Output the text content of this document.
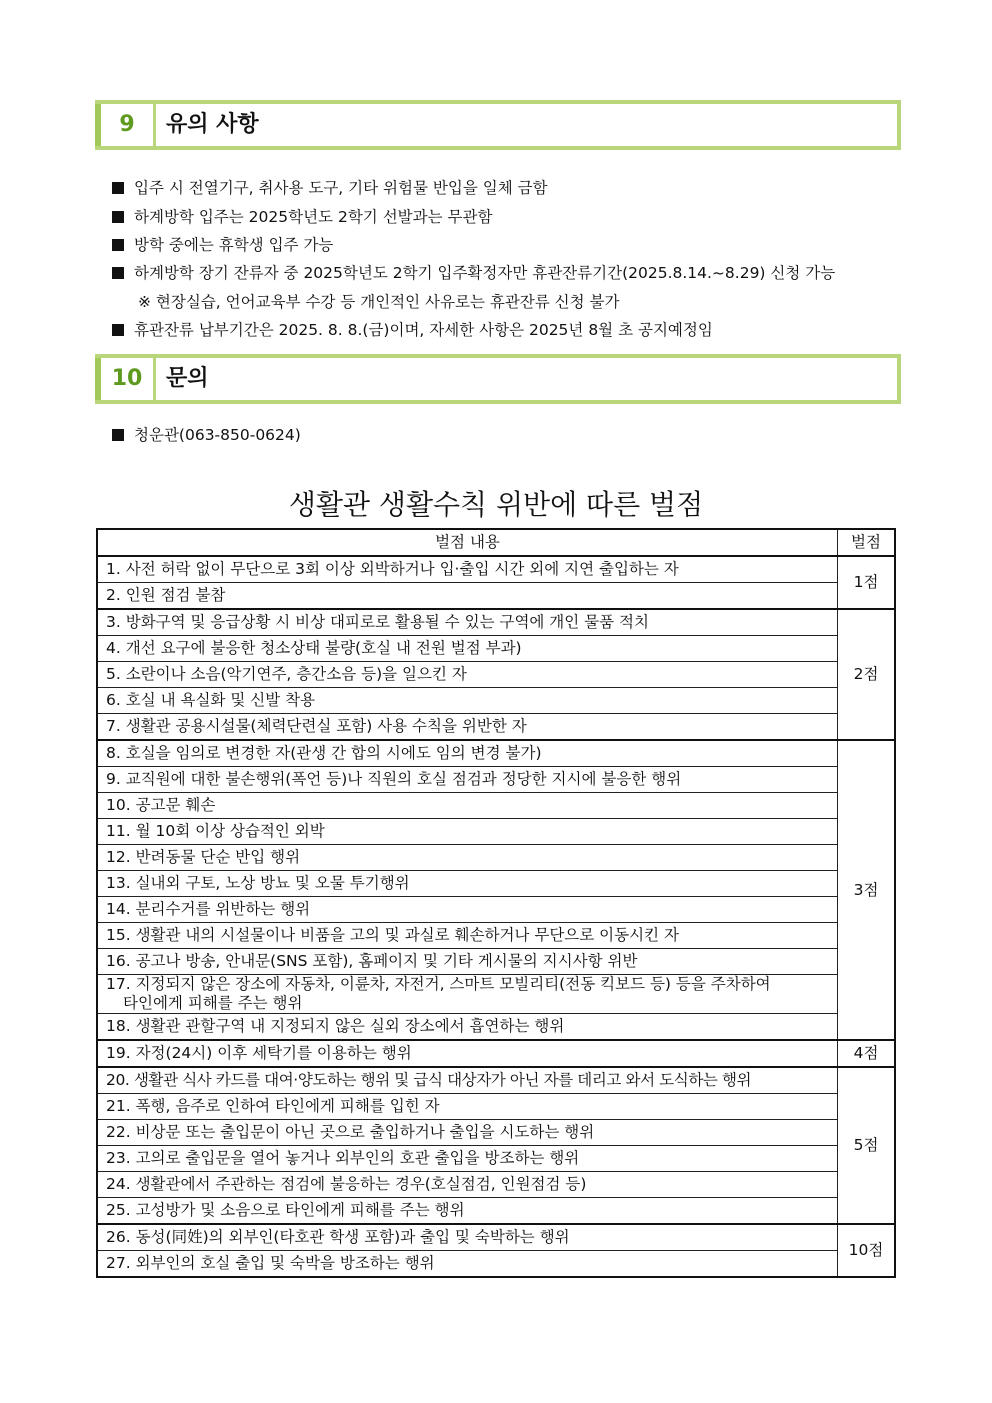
9	유의 사항
입주 시 전열기구, 취사용 도구, 기타 위험물 반입을 일체 금함
하계방학 입주는 2025학년도 2학기 선발과는 무관함
방학 중에는 휴학생 입주 가능
하계방학 장기 잔류자 중 2025학년도 2학기 입주확정자만 휴관잔류기간(2025.8.14.~8.29) 신청 가능
※ 현장실습, 언어교육부 수강 등 개인적인 사유로는 휴관잔류 신청 불가
휴관잔류 납부기간은 2025. 8. 8.(금)이며, 자세한 사항은 2025년 8월 초 공지예정임
10	문의
청운관(063-850-0624)
생활관 생활수칙 위반에 따른 벌점
벌점 내용	벌점
1. 사전 허락 없이 무단으로 3회 이상 외박하거나 입·출입 시간 외에 지연 출입하는 자	1점
2. 인원 점검 불참	
3. 방화구역 및 응급상황 시 비상 대피로로 활용될 수 있는 구역에 개인 물품 적치	2점
4. 개선 요구에 불응한 청소상태 불량(호실 내 전원 벌점 부과)	
5. 소란이나 소음(악기연주, 층간소음 등)을 일으킨 자	
6. 호실 내 욕실화 및 신발 착용	
7. 생활관 공용시설물(체력단련실 포함) 사용 수칙을 위반한 자	
8. 호실을 임의로 변경한 자(관생 간 합의 시에도 임의 변경 불가)	3점
9. 교직원에 대한 불손행위(폭언 등)나 직원의 호실 점검과 정당한 지시에 불응한 행위	
10. 공고문 훼손	
11. 월 10회 이상 상습적인 외박	
12. 반려동물 단순 반입 행위	
13. 실내외 구토, 노상 방뇨 및 오물 투기행위	
14. 분리수거를 위반하는 행위	
15. 생활관 내의 시설물이나 비품을 고의 및 과실로 훼손하거나 무단으로 이동시킨 자	
16. 공고나 방송, 안내문(SNS 포함), 홈페이지 및 기타 게시물의 지시사항 위반	
17. 지정되지 않은 장소에 자동차, 이륜차, 자전거, 스마트 모빌리티(전동 킥보드 등) 등을 주차하여
타인에게 피해를 주는 행위	
18. 생활관 관할구역 내 지정되지 않은 실외 장소에서 흡연하는 행위	
19. 자정(24시) 이후 세탁기를 이용하는 행위	4점
20. 생활관 식사 카드를 대여·양도하는 행위 및 급식 대상자가 아닌 자를 데리고 와서 도식하는 행위	5점
21. 폭행, 음주로 인하여 타인에게 피해를 입힌 자	
22. 비상문 또는 출입문이 아닌 곳으로 출입하거나 출입을 시도하는 행위	
23. 고의로 출입문을 열어 놓거나 외부인의 호관 출입을 방조하는 행위	
24. 생활관에서 주관하는 점검에 불응하는 경우(호실점검, 인원점검 등)	
25. 고성방가 및 소음으로 타인에게 피해를 주는 행위	
26. 동성(同姓)의 외부인(타호관 학생 포함)과 출입 및 숙박하는 행위	10점
27. 외부인의 호실 출입 및 숙박을 방조하는 행위	
